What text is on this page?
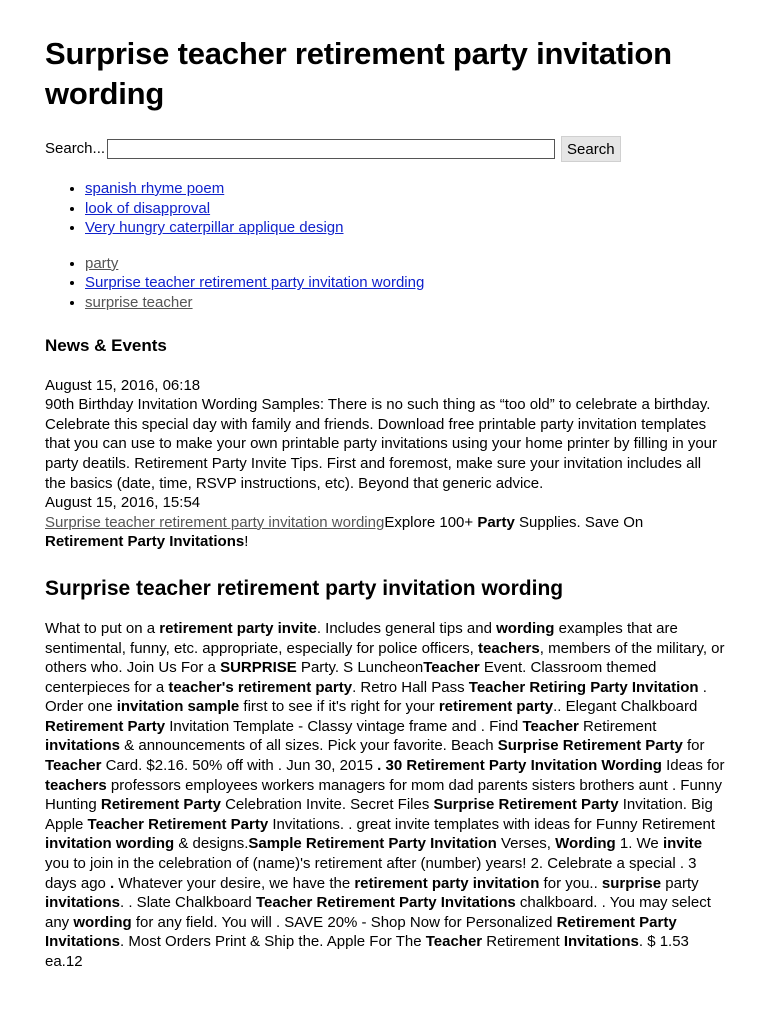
Surprise teacher retirement party invitation wording
Search...	Search
• spanish rhyme poem
• look of disapproval
• Very hungry caterpillar applique design
• party
• Surprise teacher retirement party invitation wording
• surprise teacher
News & Events

August 15, 2016, 06:18

90th Birthday Invitation Wording Samples: There is no such thing as “too old” to celebrate a birthday. Celebrate this special day with family and friends. Download free printable party invitation templates that you can use to make your own printable party invitations using your home printer by filling in your party deatils. Retirement Party Invite Tips. First and foremost, make sure your invitation includes all the basics (date, time, RSVP instructions, etc). Beyond that generic advice.

August 15, 2016, 15:54

Surprise teacher retirement party invitation wordingExplore 100+ Party Supplies. Save On Retirement Party Invitations!

Surprise teacher retirement party invitation wording

What to put on a retirement party invite. Includes general tips and wording examples that are sentimental, funny, etc. appropriate, especially for police officers, teachers, members of the military, or others who. Join Us For a SURPRISE Party. S LuncheonTeacher Event. Classroom themed centerpieces for a teacher's retirement party. Retro Hall Pass Teacher Retiring Party Invitation . Order one invitation sample first to see if it's right for your retirement party.. Elegant Chalkboard Retirement Party Invitation Template - Classy vintage frame and . Find Teacher Retirement invitations & announcements of all sizes. Pick your favorite. Beach Surprise Retirement Party for Teacher Card. $2.16. 50% off with . Jun 30, 2015 . 30 Retirement Party Invitation Wording Ideas for teachers professors employees workers managers for mom dad parents sisters brothers aunt . Funny Hunting Retirement Party Celebration Invite. Secret Files Surprise Retirement Party Invitation. Big Apple Teacher Retirement Party Invitations. . great invite templates with ideas for Funny Retirement invitation wording & designs.Sample Retirement Party Invitation Verses, Wording 1. We invite you to join in the celebration of (name)'s retirement after (number) years! 2. Celebrate a special . 3 days ago . Whatever your desire, we have the retirement party invitation for you.. surprise party invitations. . Slate Chalkboard Teacher Retirement Party Invitations chalkboard. . You may select any wording for any field. You will . SAVE 20% - Shop Now for Personalized Retirement Party Invitations. Most Orders Print & Ship the. Apple For The Teacher Retirement Invitations. $ 1.53 ea.12
